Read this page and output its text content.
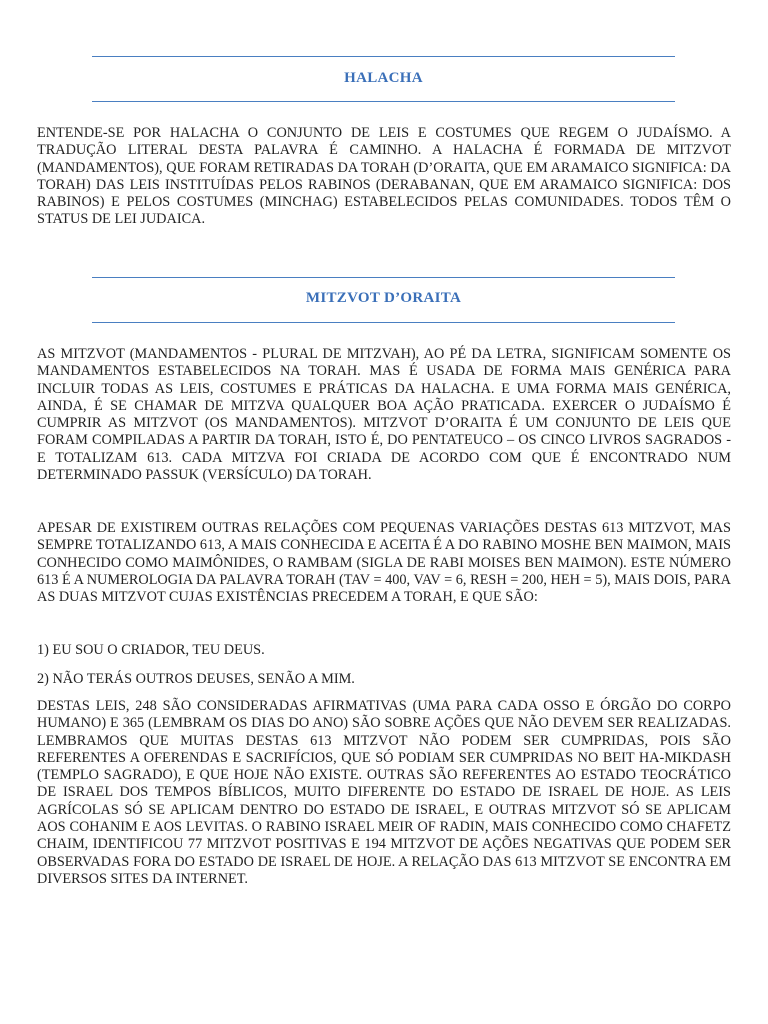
HALACHA

ENTENDE-SE POR HALACHA O CONJUNTO DE LEIS E COSTUMES QUE REGEM O JUDAÍSMO. A TRADUÇÃO LITERAL DESTA PALAVRA É CAMINHO. A HALACHA É FORMADA DE MITZVOT (MANDAMENTOS), QUE FORAM RETIRADAS DA TORAH (D’ORAITA, QUE EM ARAMAICO SIGNIFICA: DA TORAH) DAS LEIS INSTITUÍDAS PELOS RABINOS (DERABANAN, QUE EM ARAMAICO SIGNIFICA: DOS RABINOS) E PELOS COSTUMES (MINCHAG) ESTABELECIDOS PELAS COMUNIDADES. TODOS TÊM O STATUS DE LEI JUDAICA.

MITZVOT D’ORAITA

AS MITZVOT (MANDAMENTOS - PLURAL DE MITZVAH), AO PÉ DA LETRA, SIGNIFICAM SOMENTE OS MANDAMENTOS ESTABELECIDOS NA TORAH. MAS É USADA DE FORMA MAIS GENÉRICA PARA INCLUIR TODAS AS LEIS, COSTUMES E PRÁTICAS DA HALACHA. E UMA FORMA MAIS GENÉRICA, AINDA, É SE CHAMAR DE MITZVA QUALQUER BOA AÇÃO PRATICADA. EXERCER O JUDAÍSMO É CUMPRIR AS MITZVOT (OS MANDAMENTOS). MITZVOT D’ORAITA É UM CONJUNTO DE LEIS QUE FORAM COMPILADAS A PARTIR DA TORAH, ISTO É, DO PENTATEUCO – OS CINCO LIVROS SAGRADOS - E TOTALIZAM 613. CADA MITZVA FOI CRIADA DE ACORDO COM QUE É ENCONTRADO NUM DETERMINADO PASSUK (VERSÍCULO) DA TORAH.

APESAR DE EXISTIREM OUTRAS RELAÇÕES COM PEQUENAS VARIAÇÕES DESTAS 613 MITZVOT, MAS SEMPRE TOTALIZANDO 613, A MAIS CONHECIDA E ACEITA É A DO RABINO MOSHE BEN MAIMON, MAIS CONHECIDO COMO MAIMÔNIDES, O RAMBAM (SIGLA DE RABI MOISES BEN MAIMON). ESTE NÚMERO 613 É A NUMEROLOGIA DA PALAVRA TORAH (TAV = 400, VAV = 6, RESH = 200, HEH = 5), MAIS DOIS, PARA AS DUAS MITZVOT CUJAS EXISTÊNCIAS PRECEDEM A TORAH, E QUE SÃO:

1) EU SOU O CRIADOR, TEU DEUS.

2) NÃO TERÁS OUTROS DEUSES, SENÃO A MIM.

DESTAS LEIS, 248 SÃO CONSIDERADAS AFIRMATIVAS (UMA PARA CADA OSSO E ÓRGÃO DO CORPO HUMANO) E 365 (LEMBRAM OS DIAS DO ANO) SÃO SOBRE AÇÕES QUE NÃO DEVEM SER REALIZADAS. LEMBRAMOS QUE MUITAS DESTAS 613 MITZVOT NÃO PODEM SER CUMPRIDAS, POIS SÃO REFERENTES A OFERENDAS E SACRIFÍCIOS, QUE SÓ PODIAM SER CUMPRIDAS NO BEIT HA-MIKDASH (TEMPLO SAGRADO), E QUE HOJE NÃO EXISTE. OUTRAS SÃO REFERENTES AO ESTADO TEOCRÁTICO DE ISRAEL DOS TEMPOS BÍBLICOS, MUITO DIFERENTE DO ESTADO DE ISRAEL DE HOJE. AS LEIS AGRÍCOLAS SÓ SE APLICAM DENTRO DO ESTADO DE ISRAEL, E OUTRAS MITZVOT SÓ SE APLICAM AOS COHANIM E AOS LEVITAS. O RABINO ISRAEL MEIR OF RADIN, MAIS CONHECIDO COMO CHAFETZ CHAIM, IDENTIFICOU 77 MITZVOT POSITIVAS E 194 MITZVOT DE AÇÕES NEGATIVAS QUE PODEM SER OBSERVADAS FORA DO ESTADO DE ISRAEL DE HOJE. A RELAÇÃO DAS 613 MITZVOT SE ENCONTRA EM DIVERSOS SITES DA INTERNET.
